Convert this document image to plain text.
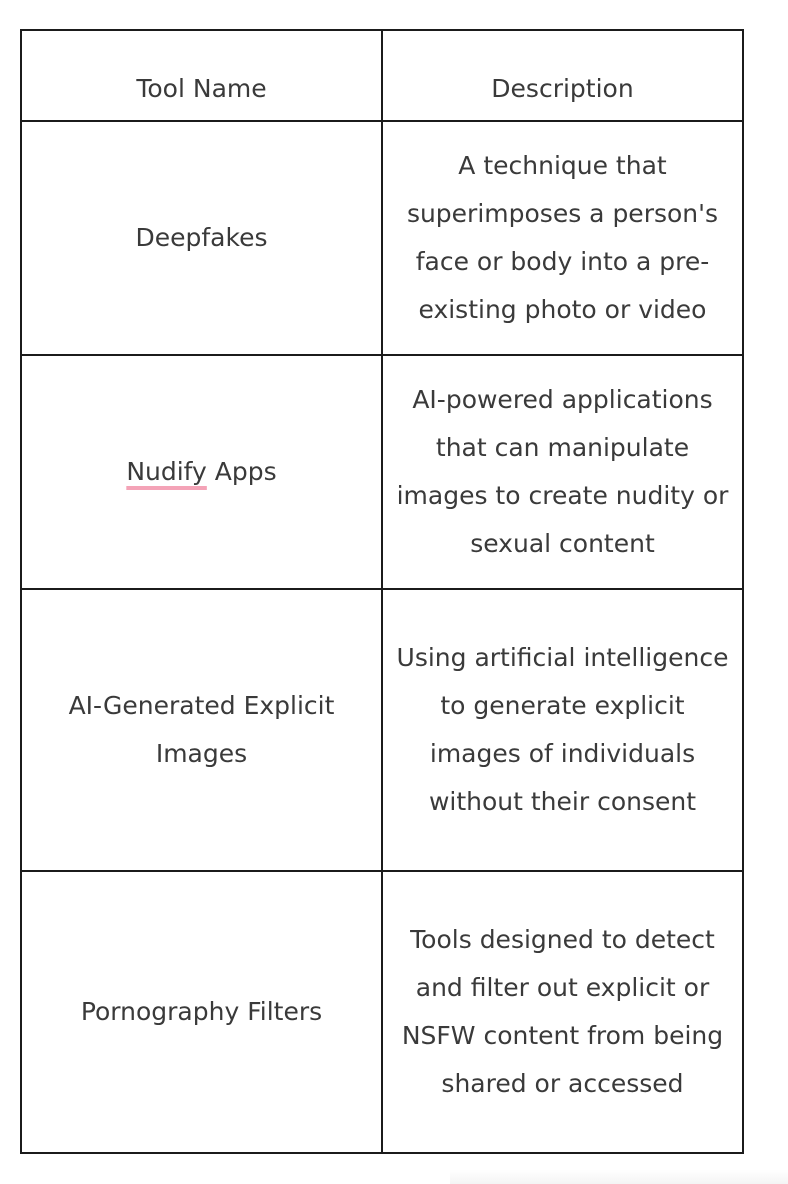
Tool Name	Description
Deepfakes	A technique that superimposes a person's face or body into a pre-existing photo or video
Nudify Apps	AI-powered applications that can manipulate images to create nudity or sexual content
AI-Generated Explicit Images	Using artificial intelligence to generate explicit images of individuals without their consent
Pornography Filters	Tools designed to detect and filter out explicit or NSFW content from being shared or accessed
